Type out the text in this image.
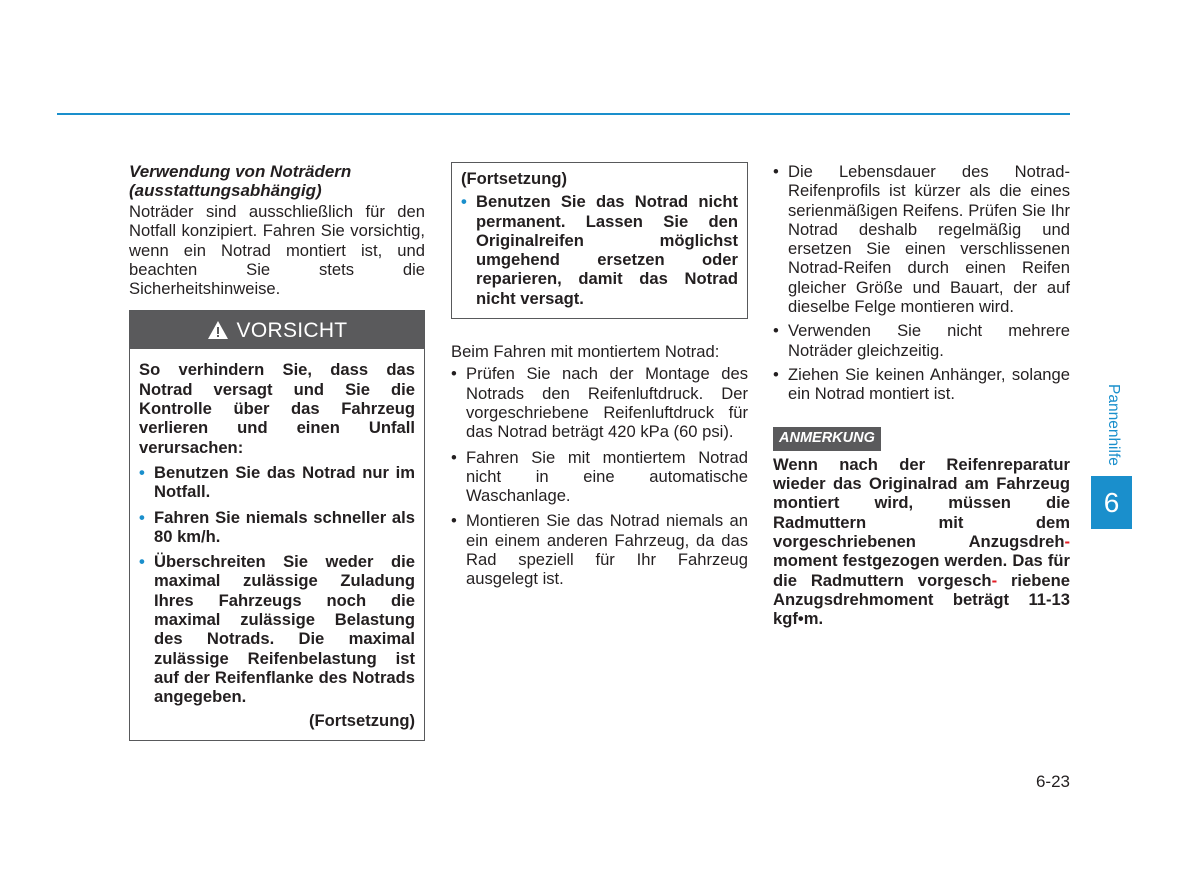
Verwendung von Noträdern
(ausstattungsabhängig)

Noträder sind ausschließlich für den Notfall konzipiert. Fahren Sie vorsichtig, wenn ein Notrad montiert ist, und beachten Sie stets die Sicherheitshinweise.

VORSICHT

So verhindern Sie, dass das Notrad versagt und Sie die Kontrolle über das Fahrzeug verlieren und einen Unfall verursachen:

• Benutzen Sie das Notrad nur im Notfall.
• Fahren Sie niemals schneller als 80 km/h.
• Überschreiten Sie weder die maximal zulässige Zuladung Ihres Fahrzeugs noch die maximal zulässige Belastung des Notrads. Die maximal zulässige Reifenbelastung ist auf der Reifenflanke des Notrads angegeben.
(Fortsetzung)
(Fortsetzung)
• Benutzen Sie das Notrad nicht permanent. Lassen Sie den Originalreifen möglichst umgehend ersetzen oder reparieren, damit das Notrad nicht versagt.

Beim Fahren mit montiertem Notrad:

• Prüfen Sie nach der Montage des Notrads den Reifenluftdruck. Der vorgeschriebene Reifenluftdruck für das Notrad beträgt 420 kPa (60 psi).
• Fahren Sie mit montiertem Notrad nicht in eine automatische Waschanlage.
• Montieren Sie das Notrad niemals an ein einem anderen Fahrzeug, da das Rad speziell für Ihr Fahrzeug ausgelegt ist.
• Die Lebensdauer des Notrad-Reifenprofils ist kürzer als die eines serienmäßigen Reifens. Prüfen Sie Ihr Notrad deshalb regelmäßig und ersetzen Sie einen verschlissenen Notrad-Reifen durch einen Reifen gleicher Größe und Bauart, der auf dieselbe Felge montieren wird.
• Verwenden Sie nicht mehrere Noträder gleichzeitig.
• Ziehen Sie keinen Anhänger, solange ein Notrad montiert ist.
ANMERKUNG
Wenn nach der Reifenreparatur wieder das Originalrad am Fahrzeug montiert wird, müssen die Radmuttern mit dem vorgeschriebenen Anzugsdreh- moment festgezogen werden. Das für die Radmuttern vorgesch- riebene Anzugsdrehmoment beträgt 11-13 kgf•m.
Pannenhilfe
6
6-23
